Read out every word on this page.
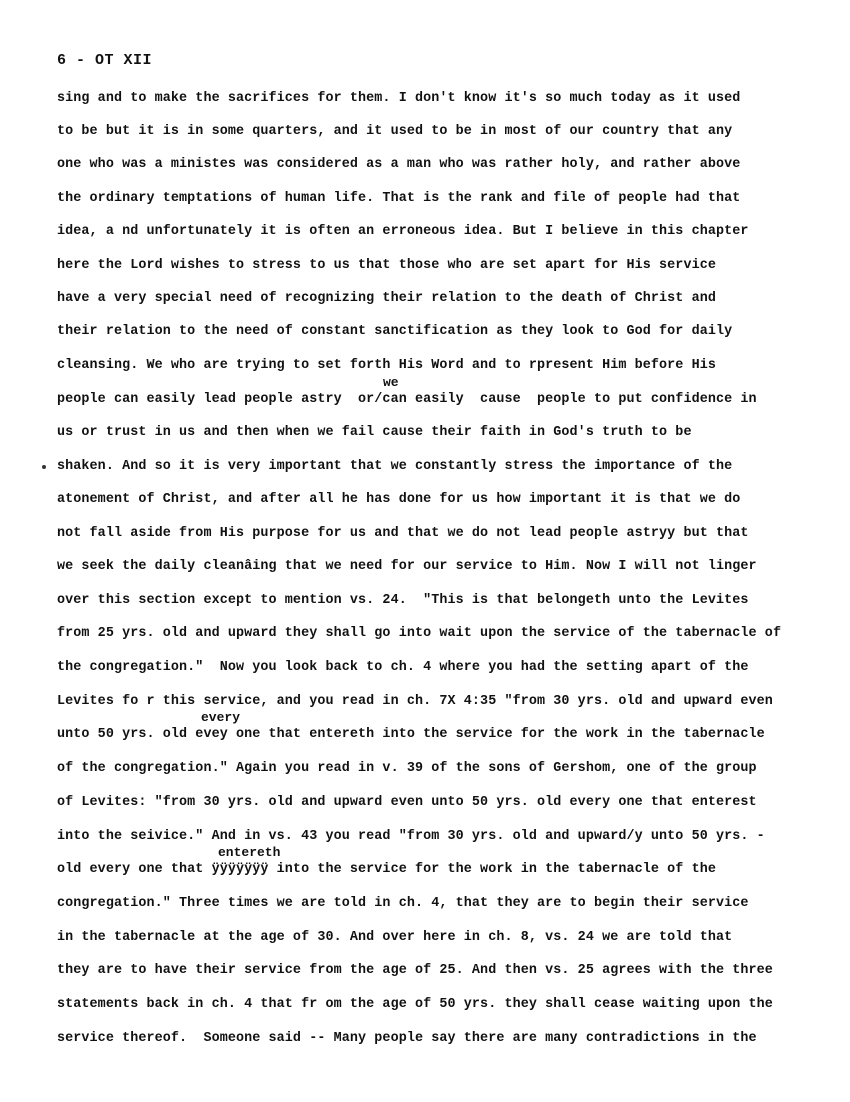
6 - OT XII
sing and to make the sacrifices for them. I don't know it's so much today as it used
to be but it is in some quarters, and it used to be in most of our country that any
one who was a ministes was considered as a man who was rather holy, and rather above
the ordinary temptations of human life. That is the rank and file of people had that
idea, a nd unfortunately it is often an erroneous idea. But I believe in this chapter
here the Lord wishes to stress to us that those who are set apart for His service
have a very special need of recognizing their relation to the death of Christ and
their relation to the need of constant sanctification as they look to God for daily
cleansing. We who are trying to set forth His Word and to rpresent Him before His
we
people can easily lead people astry  or/can easily  cause  people to put confidence in
us or trust in us and then when we fail cause their faith in God's truth to be
shaken. And so it is very important that we constantly stress the importance of the
atonement of Christ, and after all he has done for us how important it is that we do
not fall aside from His purpose for us and that we do not lead people astryy but that
we seek the daily cleanâing that we need for our service to Him. Now I will not linger
over this section except to mention vs. 24.  "This is that belongeth unto the Levites
from 25 yrs. old and upward they shall go into wait upon the service of the tabernacle of
the congregation."  Now you look back to ch. 4 where you had the setting apart of the
Levites fo r this service, and you read in ch. 7X 4:35 "from 30 yrs. old and upward even
every
unto 50 yrs. old evey one that entereth into the service for the work in the tabernacle
of the congregation." Again you read in v. 39 of the sons of Gershom, one of the group
of Levites: "from 30 yrs. old and upward even unto 50 yrs. old every one that enterest
into the seivice." And in vs. 43 you read "from 30 yrs. old and upward/y unto 50 yrs. -
entereth
old every one that ÿÿÿÿÿÿÿ into the service for the work in the tabernacle of the
congregation." Three times we are told in ch. 4, that they are to begin their service
in the tabernacle at the age of 30. And over here in ch. 8, vs. 24 we are told that
they are to have their service from the age of 25. And then vs. 25 agrees with the three
statements back in ch. 4 that fr om the age of 50 yrs. they shall cease waiting upon the
service thereof.  Someone said -- Many people say there are many contradictions in the
